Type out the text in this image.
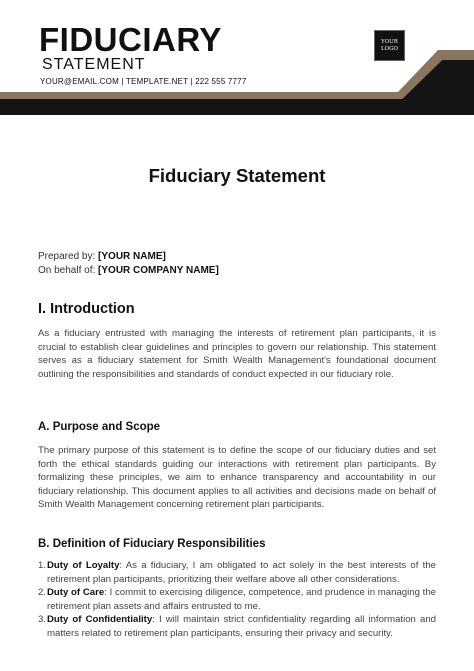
FIDUCIARY
STATEMENT
YOUR@EMAIL.COM | TEMPLATE.NET | 222 555 7777
YOUR LOGO
Fiduciary Statement
Prepared by: [YOUR NAME]
On behalf of: [YOUR COMPANY NAME]
I. Introduction

As a fiduciary entrusted with managing the interests of retirement plan participants, it is crucial to establish clear guidelines and principles to govern our relationship. This statement serves as a fiduciary statement for Smith Wealth Management's foundational document outlining the responsibilities and standards of conduct expected in our fiduciary role.

A. Purpose and Scope

The primary purpose of this statement is to define the scope of our fiduciary duties and set forth the ethical standards guiding our interactions with retirement plan participants. By formalizing these principles, we aim to enhance transparency and accountability in our fiduciary relationship. This document applies to all activities and decisions made on behalf of Smith Wealth Management concerning retirement plan participants.

B. Definition of Fiduciary Responsibilities
1. Duty of Loyalty: As a fiduciary, I am obligated to act solely in the best interests of the retirement plan participants, prioritizing their welfare above all other considerations.
2. Duty of Care: I commit to exercising diligence, competence, and prudence in managing the retirement plan assets and affairs entrusted to me.
3. Duty of Confidentiality: I will maintain strict confidentiality regarding all information and matters related to retirement plan participants, ensuring their privacy and security.
